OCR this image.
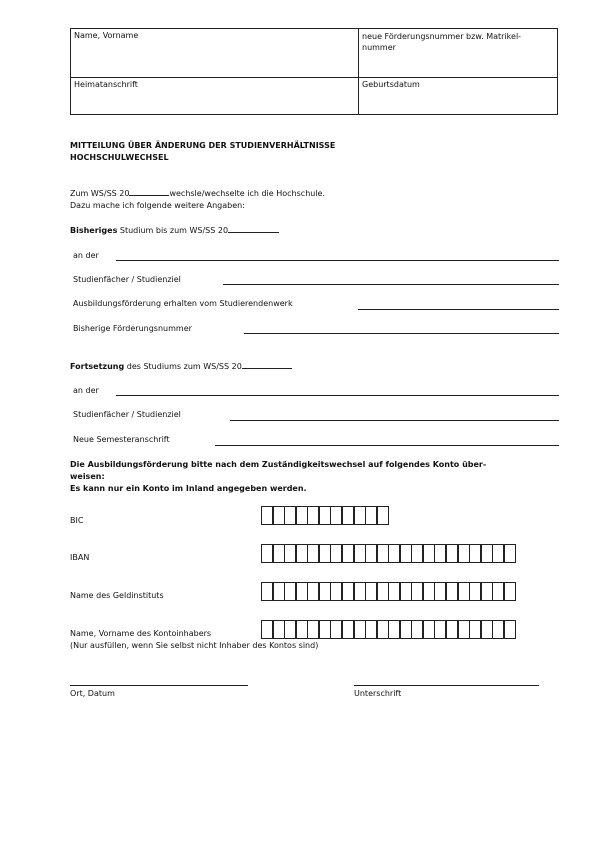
Name, Vorname	neue Förderungsnummer bzw. Matrikel-
nummer
Heimatanschrift	Geburtsdatum
MITTEILUNG ÜBER ÄNDERUNG DER STUDIENVERHÄLTNISSE
HOCHSCHULWECHSEL
Zum WS/SS 20	wechsle/wechselte ich die Hochschule.
Dazu mache ich folgende weitere Angaben:
Bisheriges Studium bis zum WS/SS 20
an der
Studienfächer / Studienziel
Ausbildungsförderung erhalten vom Studierendenwerk
Bisherige Förderungsnummer
Fortsetzung des Studiums zum WS/SS 20
an der
Studienfächer / Studienziel
Neue Semesteranschrift
Die Ausbildungsförderung bitte nach dem Zuständigkeitswechsel auf folgendes Konto über-
weisen:
Es kann nur ein Konto im Inland angegeben werden.
BIC
IBAN
Name des Geldinstituts
Name, Vorname des Kontoinhabers
(Nur ausfüllen, wenn Sie selbst nicht Inhaber des Kontos sind)
Ort, Datum	Unterschrift
